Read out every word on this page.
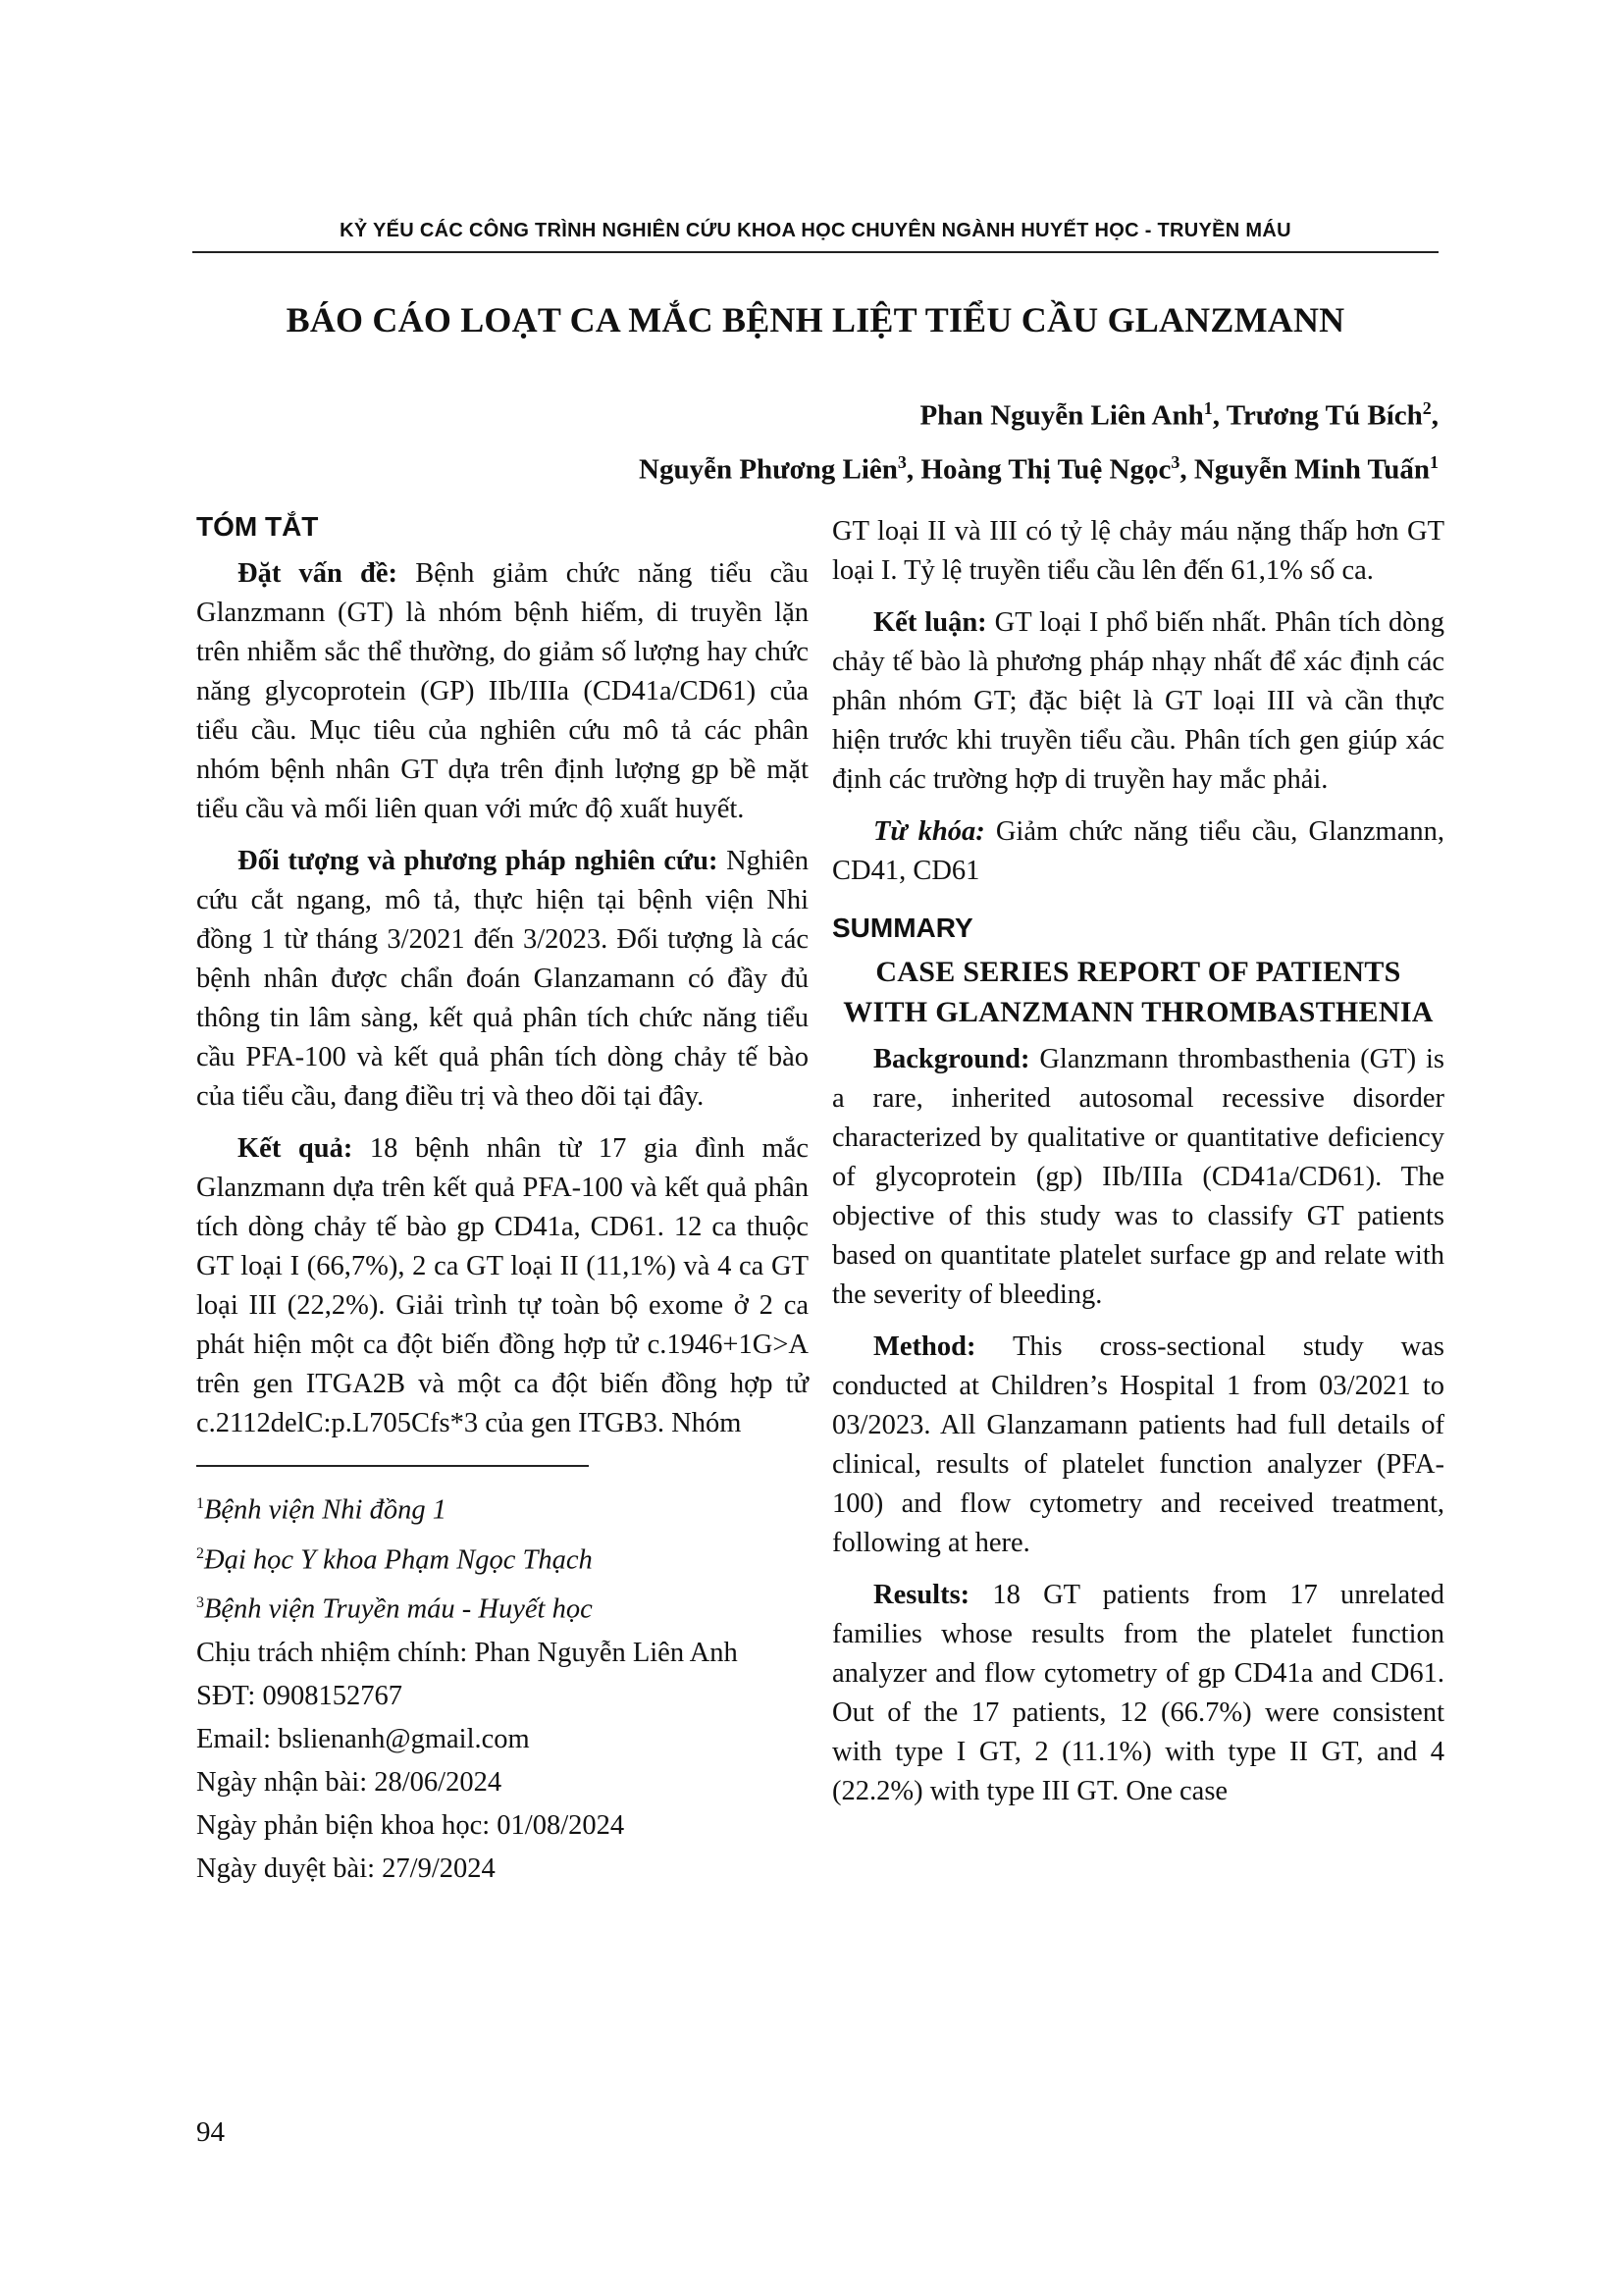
KỶ YẾU CÁC CÔNG TRÌNH NGHIÊN CỨU KHOA HỌC CHUYÊN NGÀNH HUYẾT HỌC - TRUYỀN MÁU
BÁO CÁO LOẠT CA MẮC BỆNH LIỆT TIỂU CẦU GLANZMANN
Phan Nguyễn Liên Anh$^1$, Trương Tú Bích$^2$,
Nguyễn Phương Liên$^3$, Hoàng Thị Tuệ Ngọc$^3$, Nguyễn Minh Tuấn$^1$
TÓM TẮT

Đặt vấn đề: Bệnh giảm chức năng tiểu cầu Glanzmann (GT) là nhóm bệnh hiếm, di truyền lặn trên nhiễm sắc thể thường, do giảm số lượng hay chức năng glycoprotein (GP) IIb/IIIa (CD41a/CD61) của tiểu cầu. Mục tiêu của nghiên cứu mô tả các phân nhóm bệnh nhân GT dựa trên định lượng gp bề mặt tiểu cầu và mối liên quan với mức độ xuất huyết.

Đối tượng và phương pháp nghiên cứu: Nghiên cứu cắt ngang, mô tả, thực hiện tại bệnh viện Nhi đồng 1 từ tháng 3/2021 đến 3/2023. Đối tượng là các bệnh nhân được chẩn đoán Glanzamann có đầy đủ thông tin lâm sàng, kết quả phân tích chức năng tiểu cầu PFA-100 và kết quả phân tích dòng chảy tế bào của tiểu cầu, đang điều trị và theo dõi tại đây.

Kết quả: 18 bệnh nhân từ 17 gia đình mắc Glanzmann dựa trên kết quả PFA-100 và kết quả phân tích dòng chảy tế bào gp CD41a, CD61. 12 ca thuộc GT loại I (66,7%), 2 ca GT loại II (11,1%) và 4 ca GT loại III (22,2%). Giải trình tự toàn bộ exome ở 2 ca phát hiện một ca đột biến đồng hợp tử c.1946+1G>A trên gen ITGA2B và một ca đột biến đồng hợp tử c.2112delC:p.L705Cfs*3 của gen ITGB3. Nhóm

$^1$Bệnh viện Nhi đồng 1
$^2$Đại học Y khoa Phạm Ngọc Thạch
$^3$Bệnh viện Truyền máu - Huyết học
Chịu trách nhiệm chính: Phan Nguyễn Liên Anh
SĐT: 0908152767
Email: bslienanh@gmail.com
Ngày nhận bài: 28/06/2024
Ngày phản biện khoa học: 01/08/2024
Ngày duyệt bài: 27/9/2024

GT loại II và III có tỷ lệ chảy máu nặng thấp hơn GT loại I. Tỷ lệ truyền tiểu cầu lên đến 61,1% số ca.

Kết luận: GT loại I phổ biến nhất. Phân tích dòng chảy tế bào là phương pháp nhạy nhất để xác định các phân nhóm GT; đặc biệt là GT loại III và cần thực hiện trước khi truyền tiểu cầu. Phân tích gen giúp xác định các trường hợp di truyền hay mắc phải.

Từ khóa: Giảm chức năng tiểu cầu, Glanzmann, CD41, CD61

SUMMARY
CASE SERIES REPORT OF PATIENTS WITH GLANZMANN THROMBASTHENIA

Background: Glanzmann thrombasthenia (GT) is a rare, inherited autosomal recessive disorder characterized by qualitative or quantitative deficiency of glycoprotein (gp) IIb/IIIa (CD41a/CD61). The objective of this study was to classify GT patients based on quantitate platelet surface gp and relate with the severity of bleeding.

Method: This cross-sectional study was conducted at Children’s Hospital 1 from 03/2021 to 03/2023. All Glanzamann patients had full details of clinical, results of platelet function analyzer (PFA-100) and flow cytometry and received treatment, following at here.

Results: 18 GT patients from 17 unrelated families whose results from the platelet function analyzer and flow cytometry of gp CD41a and CD61. Out of the 17 patients, 12 (66.7%) were consistent with type I GT, 2 (11.1%) with type II GT, and 4 (22.2%) with type III GT. One case

94
